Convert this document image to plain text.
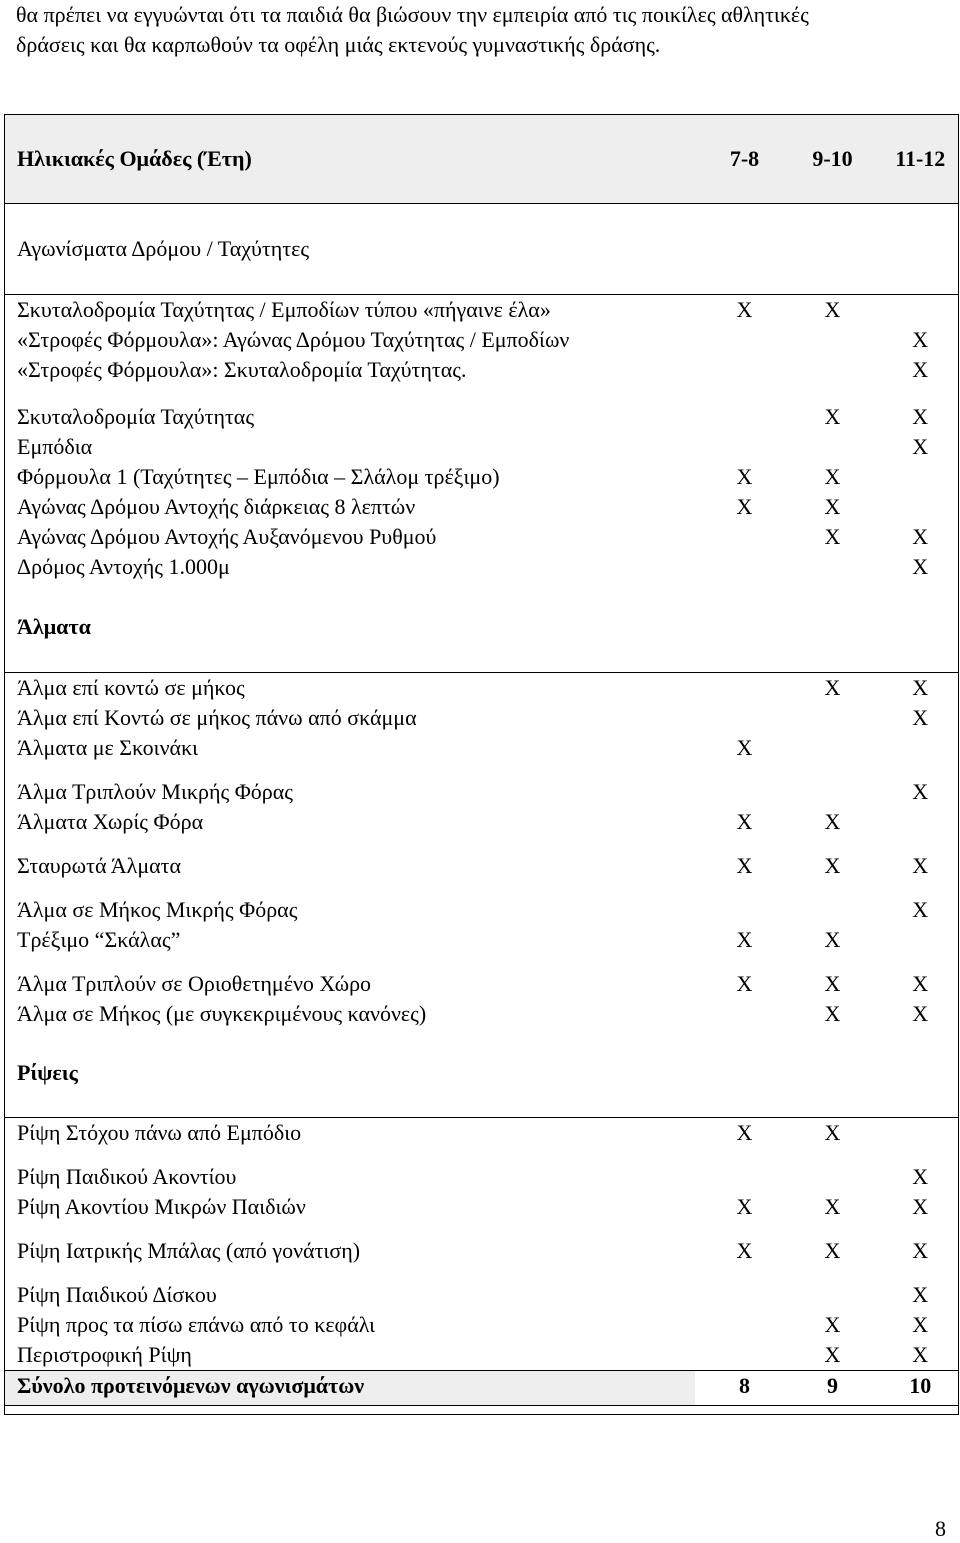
θα πρέπει να εγγυώνται ότι τα παιδιά θα βιώσουν την εμπειρία από τις ποικίλες αθλητικές

δράσεις και θα καρπωθούν τα οφέλη μιάς εκτενούς γυμναστικής δράσης.

Ηλικιακές Ομάδες (Έτη)	7-8	9-10	11-12
Αγωνίσματα Δρόμου / Ταχύτητες			
Σκυταλοδρομία Ταχύτητας / Εμποδίων τύπου «πήγαινε έλα»	X	X	
«Στροφές Φόρμουλα»: Αγώνας Δρόμου Ταχύτητας / Εμποδίων			X
«Στροφές Φόρμουλα»: Σκυταλοδρομία Ταχύτητας.			X
Σκυταλοδρομία Ταχύτητας		X	X
Εμπόδια			X
Φόρμουλα 1 (Ταχύτητες – Εμπόδια – Σλάλομ τρέξιμο)	X	X	
Αγώνας Δρόμου Αντοχής διάρκειας 8 λεπτών	X	X	
Αγώνας Δρόμου Αντοχής Αυξανόμενου Ρυθμού		X	X
Δρόμος Αντοχής 1.000μ			X
Άλματα			
Άλμα επί κοντώ σε μήκος		X	X
Άλμα επί Κοντώ σε μήκος πάνω από σκάμμα			X
Άλματα με Σκοινάκι	X		
Άλμα Τριπλούν Μικρής Φόρας			X
Άλματα Χωρίς Φόρα	X	X	
Σταυρωτά Άλματα	X	X	X
Άλμα σε Μήκος Μικρής Φόρας			X
Τρέξιμο “Σκάλας”	X	X	
Άλμα Τριπλούν σε Οριοθετημένο Χώρο	X	X	X
Άλμα σε Μήκος (με συγκεκριμένους κανόνες)		X	X
Ρίψεις			
Ρίψη Στόχου πάνω από Εμπόδιο	X	X	
Ρίψη Παιδικού Ακοντίου			X
Ρίψη Ακοντίου Μικρών Παιδιών	X	X	X
Ρίψη Ιατρικής Μπάλας (από γονάτιση)	X	X	X
Ρίψη Παιδικού Δίσκου			X
Ρίψη προς τα πίσω επάνω από το κεφάλι		X	X
Περιστροφική Ρίψη		X	X
Σύνολο προτεινόμενων αγωνισμάτων	8	9	10

8
